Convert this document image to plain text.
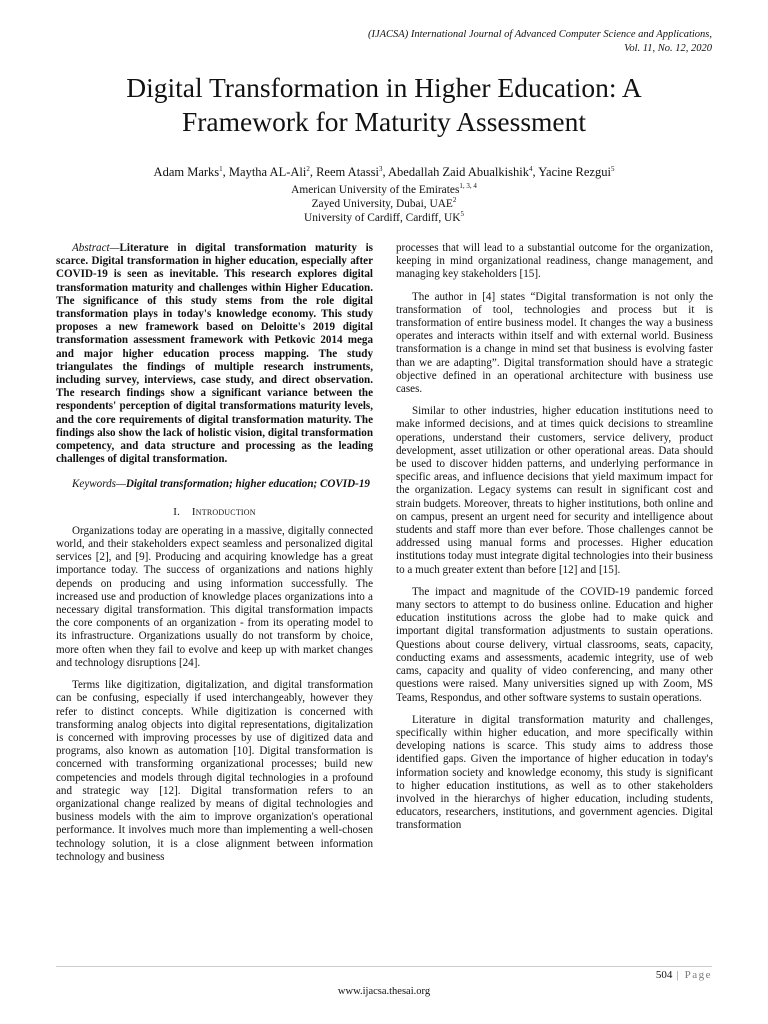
(IJACSA) International Journal of Advanced Computer Science and Applications,
Vol. 11, No. 12, 2020
Digital Transformation in Higher Education: A
Framework for Maturity Assessment
Adam Marks$^1$, Maytha AL-Ali$^2$, Reem Atassi$^3$, Abedallah Zaid Abualkishik$^4$, Yacine Rezgui$^5$
American University of the Emirates$^{1, 3, 4}$
Zayed University, Dubai, UAE$^2$
University of Cardiff, Cardiff, $UK^5$

Abstract—Literature in digital transformation maturity is scarce. Digital transformation in higher education, especially after COVID-19 is seen as inevitable. This research explores digital transformation maturity and challenges within Higher Education. The significance of this study stems from the role digital transformation plays in today's knowledge economy. This study proposes a new framework based on Deloitte's 2019 digital transformation assessment framework with Petkovic 2014 mega and major higher education process mapping. The study triangulates the findings of multiple research instruments, including survey, interviews, case study, and direct observation. The research findings show a significant variance between the respondents' perception of digital transformations maturity levels, and the core requirements of digital transformation maturity. The findings also show the lack of holistic vision, digital transformation competency, and data structure and processing as the leading challenges of digital transformation.

Keywords—Digital transformation; higher education; COVID-19

I. Introduction

Organizations today are operating in a massive, digitally connected world, and their stakeholders expect seamless and personalized digital services [2], and [9]. Producing and acquiring knowledge has a great importance today. The success of organizations and nations highly depends on producing and using information successfully. The increased use and production of knowledge places organizations into a necessary digital transformation. This digital transformation impacts the core components of an organization - from its operating model to its infrastructure. Organizations usually do not transform by choice, more often when they fail to evolve and keep up with market changes and technology disruptions [24].

Terms like digitization, digitalization, and digital transformation can be confusing, especially if used interchangeably, however they refer to distinct concepts. While digitization is concerned with transforming analog objects into digital representations, digitalization is concerned with improving processes by use of digitized data and programs, also known as automation [10]. Digital transformation is concerned with transforming organizational processes; build new competencies and models through digital technologies in a profound and strategic way [12]. Digital transformation refers to an organizational change realized by means of digital technologies and business models with the aim to improve organization's operational performance. It involves much more than implementing a well-chosen technology solution, it is a close alignment between information technology and business

processes that will lead to a substantial outcome for the organization, keeping in mind organizational readiness, change management, and managing key stakeholders [15].

The author in [4] states “Digital transformation is not only the transformation of tool, technologies and process but it is transformation of entire business model. It changes the way a business operates and interacts within itself and with external world. Business transformation is a change in mind set that business is evolving faster than we are adapting”. Digital transformation should have a strategic objective defined in an operational architecture with business use cases.

Similar to other industries, higher education institutions need to make informed decisions, and at times quick decisions to streamline operations, understand their customers, service delivery, product development, asset utilization or other operational areas. Data should be used to discover hidden patterns, and underlying performance in specific areas, and influence decisions that yield maximum impact for the organization. Legacy systems can result in significant cost and strain budgets. Moreover, threats to higher institutions, both online and on campus, present an urgent need for security and intelligence about students and staff more than ever before. Those challenges cannot be addressed using manual forms and processes. Higher education institutions today must integrate digital technologies into their business to a much greater extent than before [12] and [15].

The impact and magnitude of the COVID-19 pandemic forced many sectors to attempt to do business online. Education and higher education institutions across the globe had to make quick and important digital transformation adjustments to sustain operations. Questions about course delivery, virtual classrooms, seats, capacity, conducting exams and assessments, academic integrity, use of web cams, capacity and quality of video conferencing, and many other questions were raised. Many universities signed up with Zoom, MS Teams, Respondus, and other software systems to sustain operations.

Literature in digital transformation maturity and challenges, specifically within higher education, and more specifically within developing nations is scarce. This study aims to address those identified gaps. Given the importance of higher education in today's information society and knowledge economy, this study is significant to higher education institutions, as well as to other stakeholders involved in the hierarchys of higher education, including students, educators, researchers, institutions, and government agencies. Digital transformation

504 | Page
www.ijacsa.thesai.org
